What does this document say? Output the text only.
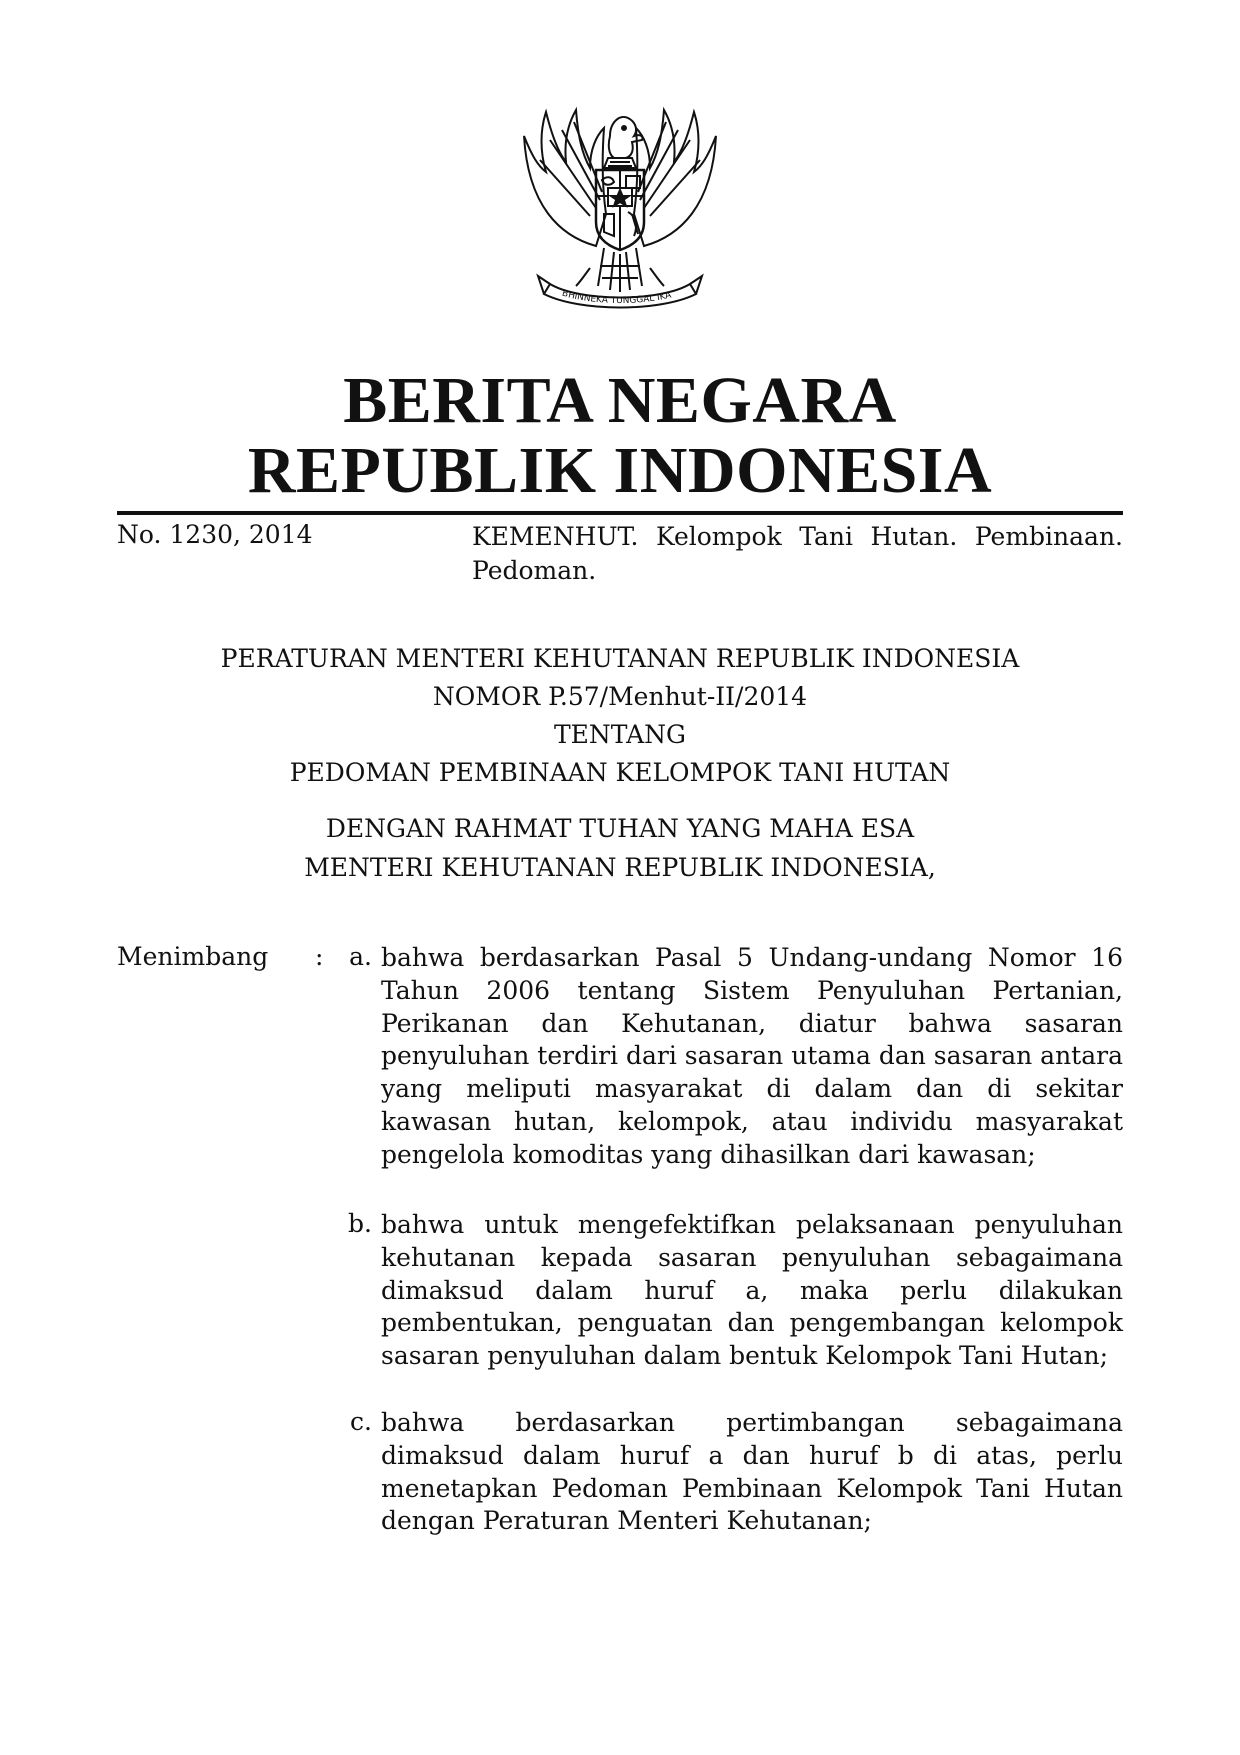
BHINNEKA TUNGGAL IKA
BERITA NEGARA
REPUBLIK INDONESIA
No. 1230, 2014	KEMENHUT. Kelompok Tani Hutan. Pembinaan. Pedoman.
PERATURAN MENTERI KEHUTANAN REPUBLIK INDONESIA
NOMOR P.57/Menhut-II/2014
TENTANG
PEDOMAN PEMBINAAN KELOMPOK TANI HUTAN
DENGAN RAHMAT TUHAN YANG MAHA ESA
MENTERI KEHUTANAN REPUBLIK INDONESIA,
Menimbang :	a. bahwa berdasarkan Pasal 5 Undang-undang Nomor 16 Tahun 2006 tentang Sistem Penyuluhan Pertanian, Perikanan dan Kehutanan, diatur bahwa sasaran penyuluhan terdiri dari sasaran utama dan sasaran antara yang meliputi masyarakat di dalam dan di sekitar kawasan hutan, kelompok, atau individu masyarakat pengelola komoditas yang dihasilkan dari kawasan;
b. bahwa untuk mengefektifkan pelaksanaan penyuluhan kehutanan kepada sasaran penyuluhan sebagaimana dimaksud dalam huruf a, maka perlu dilakukan pembentukan, penguatan dan pengembangan kelompok sasaran penyuluhan dalam bentuk Kelompok Tani Hutan;
c. bahwa berdasarkan pertimbangan sebagaimana dimaksud dalam huruf a dan huruf b di atas, perlu menetapkan Pedoman Pembinaan Kelompok Tani Hutan dengan Peraturan Menteri Kehutanan;
